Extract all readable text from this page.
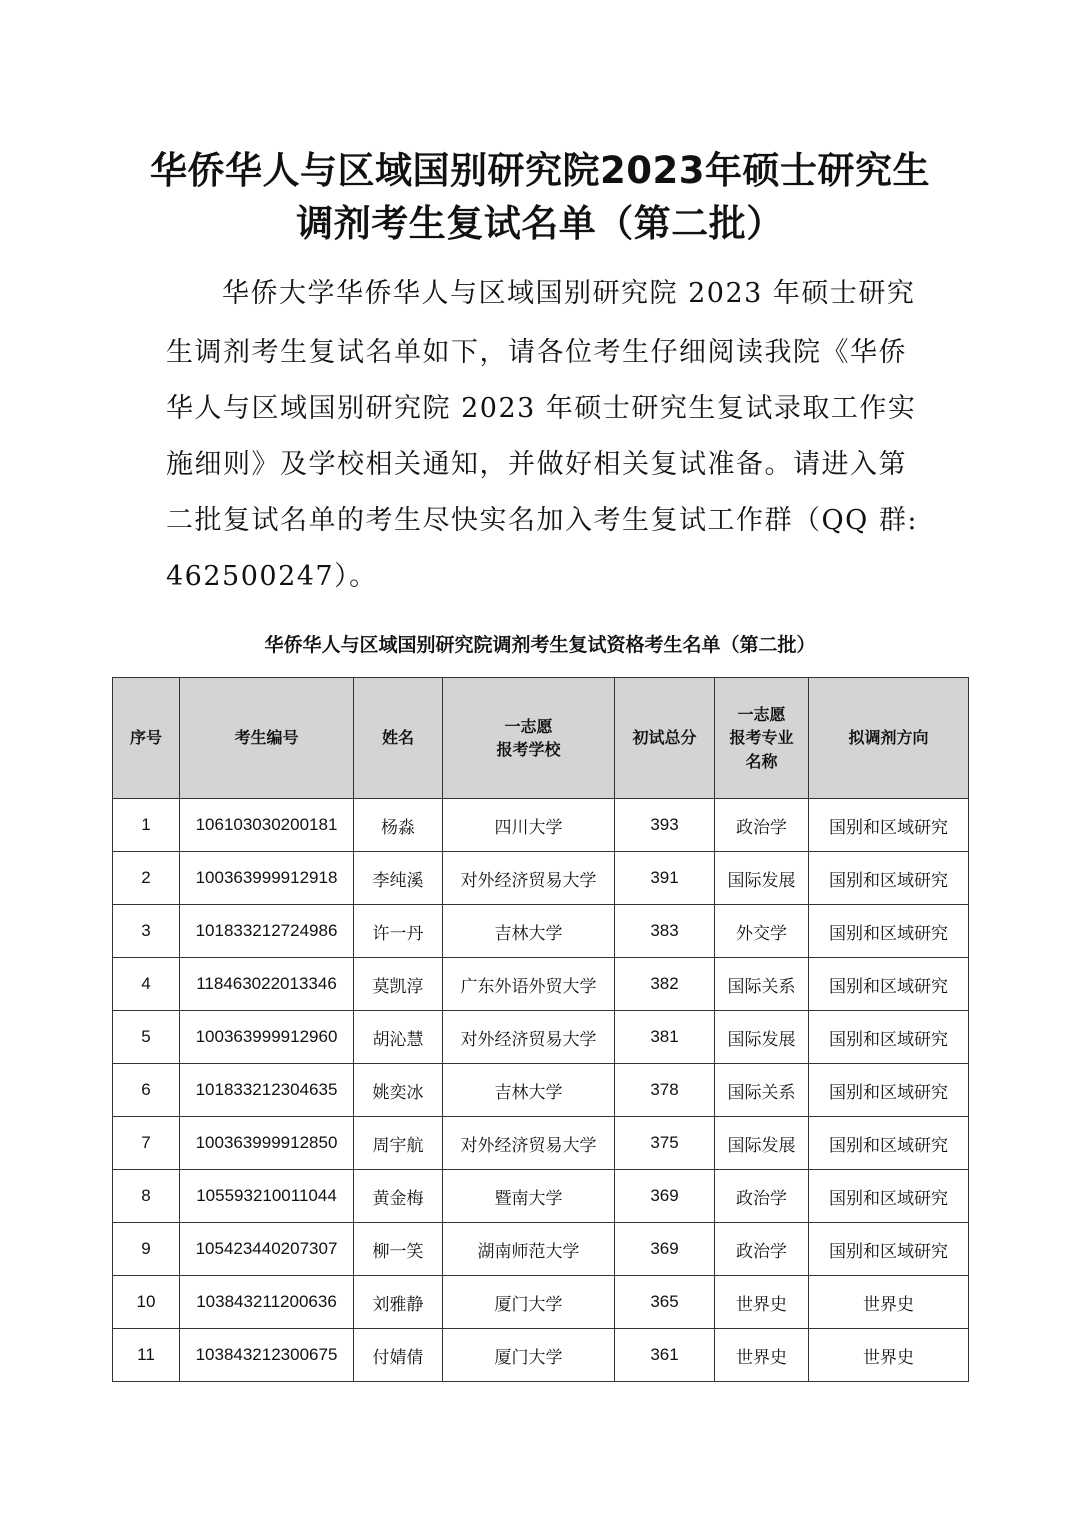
华侨华人与区域国别研究院2023年硕士研究生
调剂考生复试名单（第二批）

华侨大学华侨华人与区域国别研究院 2023 年硕士研究

生调剂考生复试名单如下，请各位考生仔细阅读我院《华侨

华人与区域国别研究院 2023 年硕士研究生复试录取工作实

施细则》及学校相关通知，并做好相关复试准备。请进入第

二批复试名单的考生尽快实名加入考生复试工作群（QQ 群:

462500247）。

华侨华人与区域国别研究院调剂考生复试资格考生名单（第二批）
序号	考生编号	姓名	一志愿
报考学校	初试总分	一志愿
报考专业
名称	拟调剂方向
1	106103030200181	杨淼	四川大学	393	政治学	国别和区域研究
2	100363999912918	李纯溪	对外经济贸易大学	391	国际发展	国别和区域研究
3	101833212724986	许一丹	吉林大学	383	外交学	国别和区域研究
4	118463022013346	莫凯淳	广东外语外贸大学	382	国际关系	国别和区域研究
5	100363999912960	胡沁慧	对外经济贸易大学	381	国际发展	国别和区域研究
6	101833212304635	姚奕冰	吉林大学	378	国际关系	国别和区域研究
7	100363999912850	周宇航	对外经济贸易大学	375	国际发展	国别和区域研究
8	105593210011044	黄金梅	暨南大学	369	政治学	国别和区域研究
9	105423440207307	柳一笑	湖南师范大学	369	政治学	国别和区域研究
10	103843211200636	刘雅静	厦门大学	365	世界史	世界史
11	103843212300675	付婧倩	厦门大学	361	世界史	世界史
